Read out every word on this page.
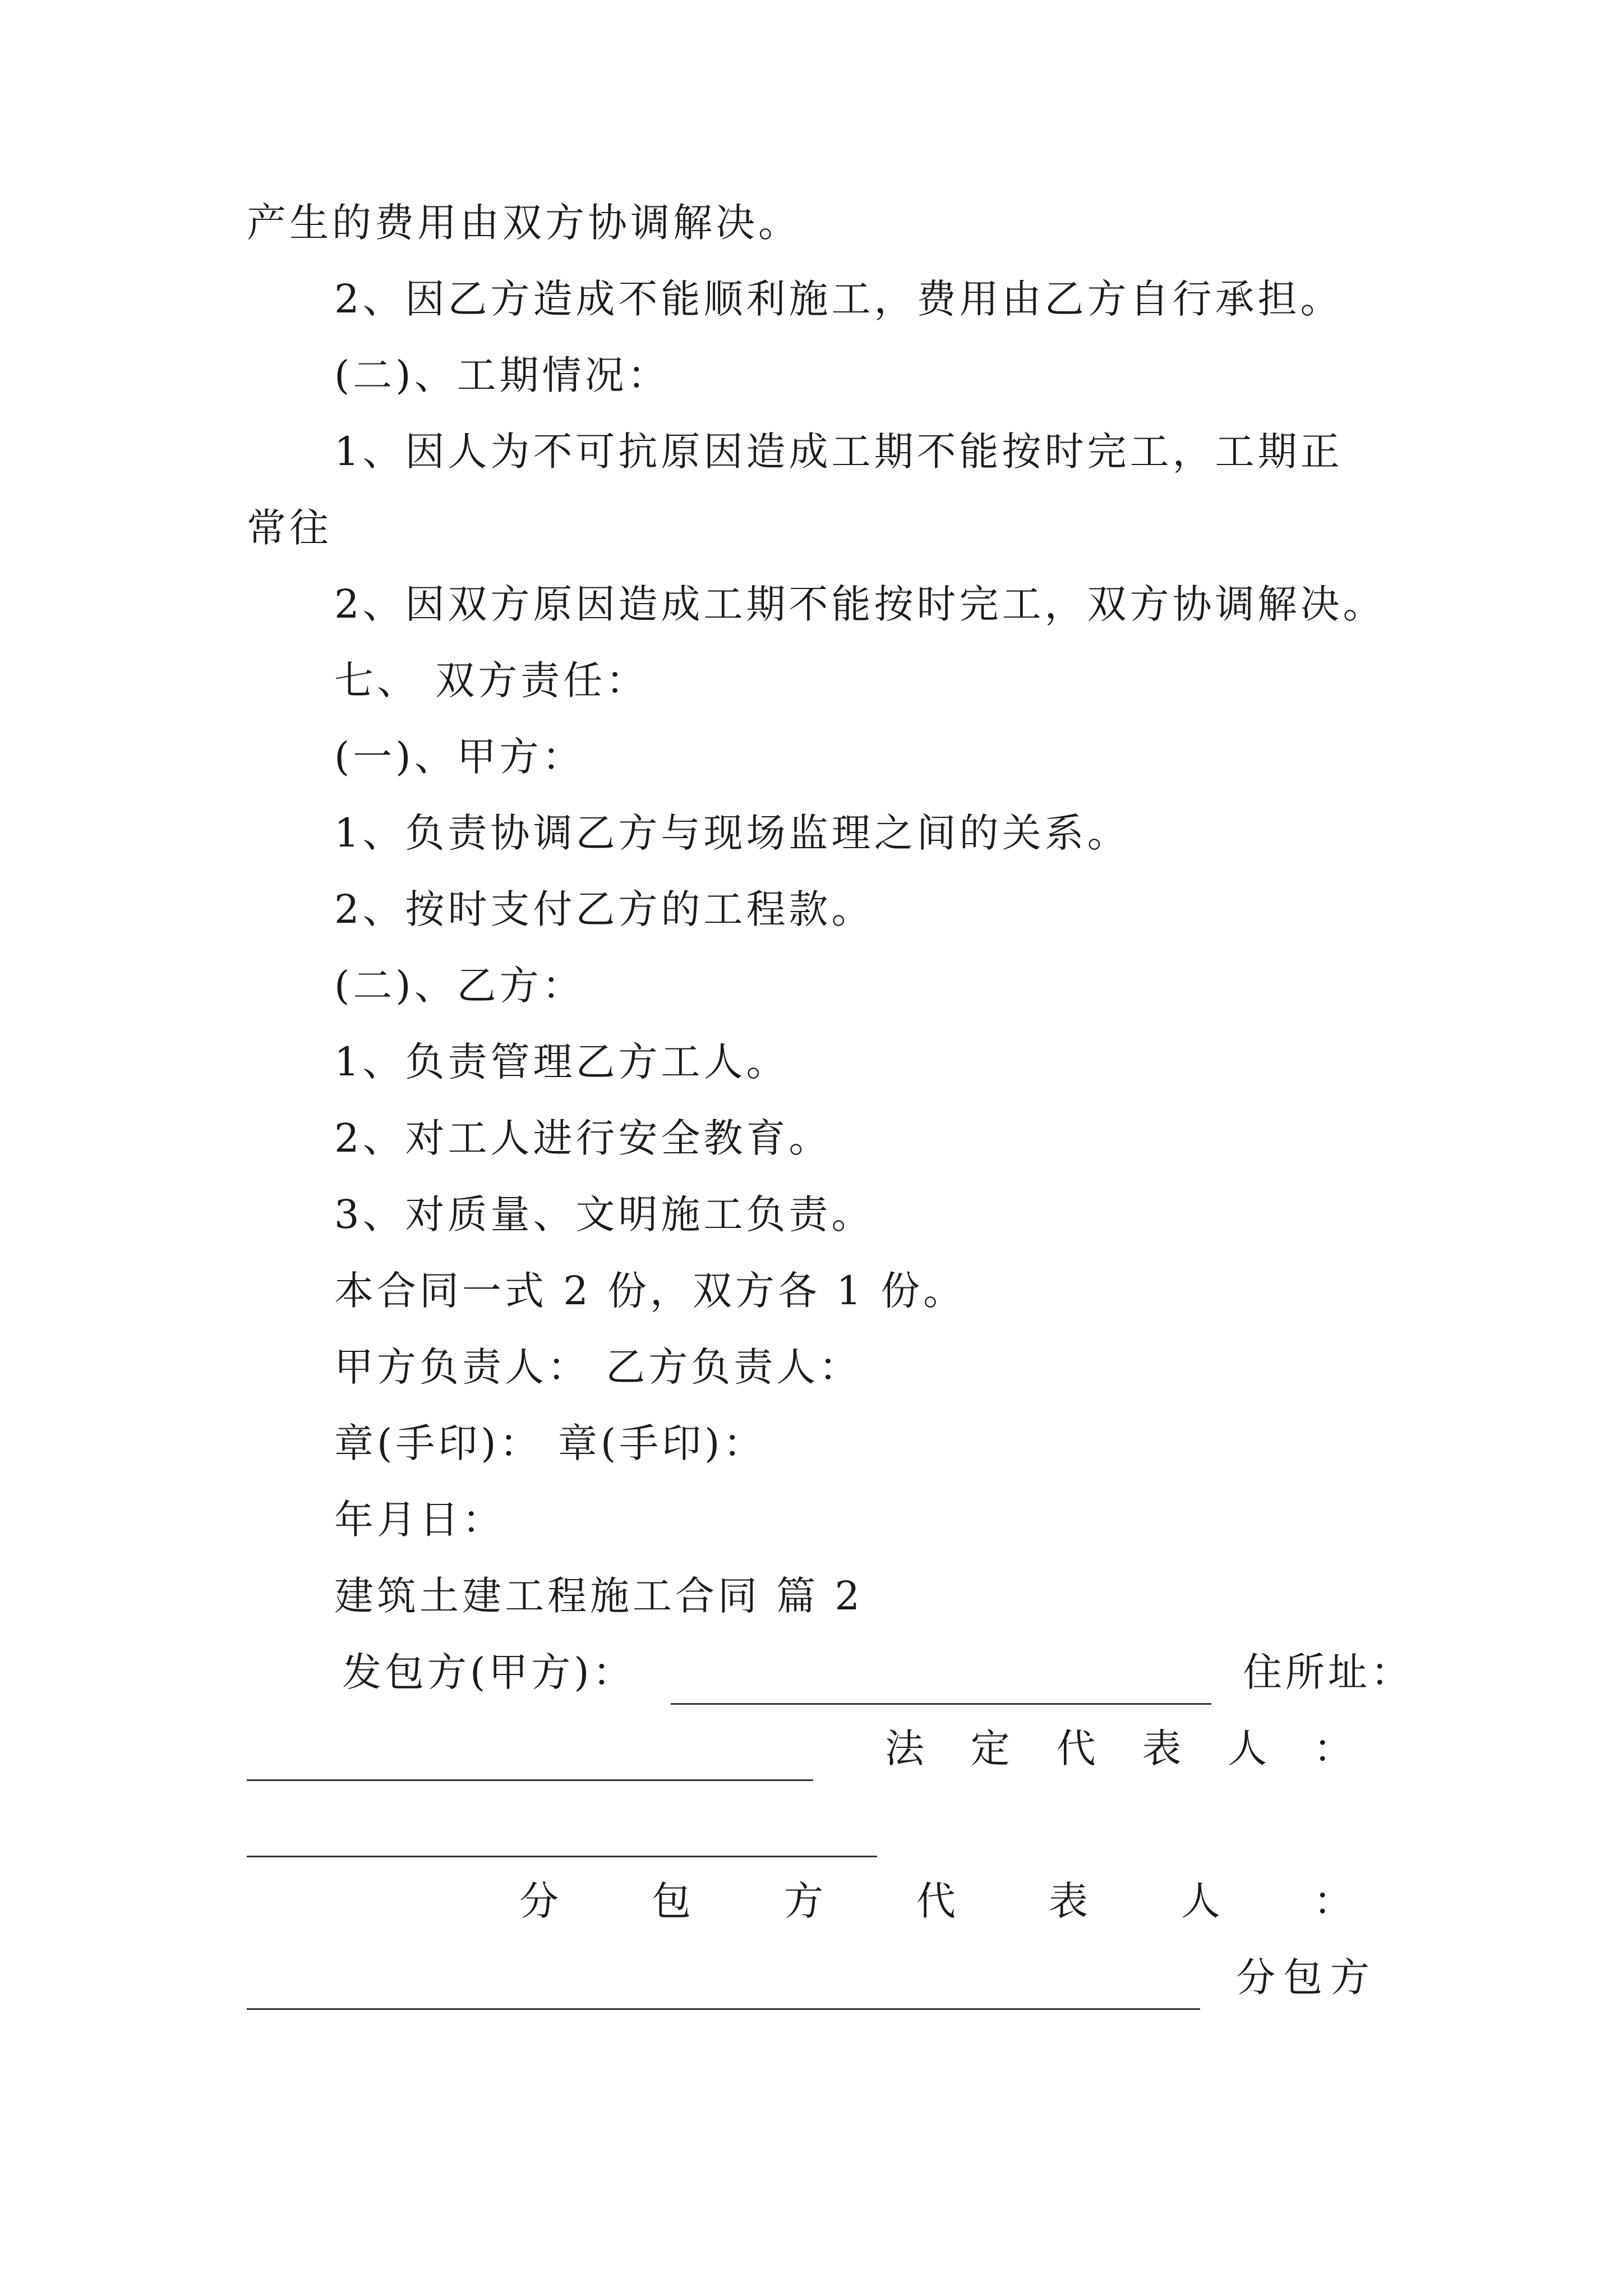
产生的费用由双方协调解决。
2、因乙方造成不能顺利施工，费用由乙方自行承担。
(二)、工期情况：
1、因人为不可抗原因造成工期不能按时完工，工期正
常往
2、因双方原因造成工期不能按时完工，双方协调解决。
七、 双方责任：
(一)、甲方：
1、负责协调乙方与现场监理之间的关系。
2、按时支付乙方的工程款。
(二)、乙方：
1、负责管理乙方工人。
2、对工人进行安全教育。
3、对质量、文明施工负责。
本合同一式 2 份，双方各 1 份。
甲方负责人： 乙方负责人：
章(手印)： 章(手印)：
年月日：
建筑土建工程施工合同 篇 2
发包方(甲方)：	住所址：
法 定 代 表 人 ：
分 包 方 代 表 人 ：
分包方
